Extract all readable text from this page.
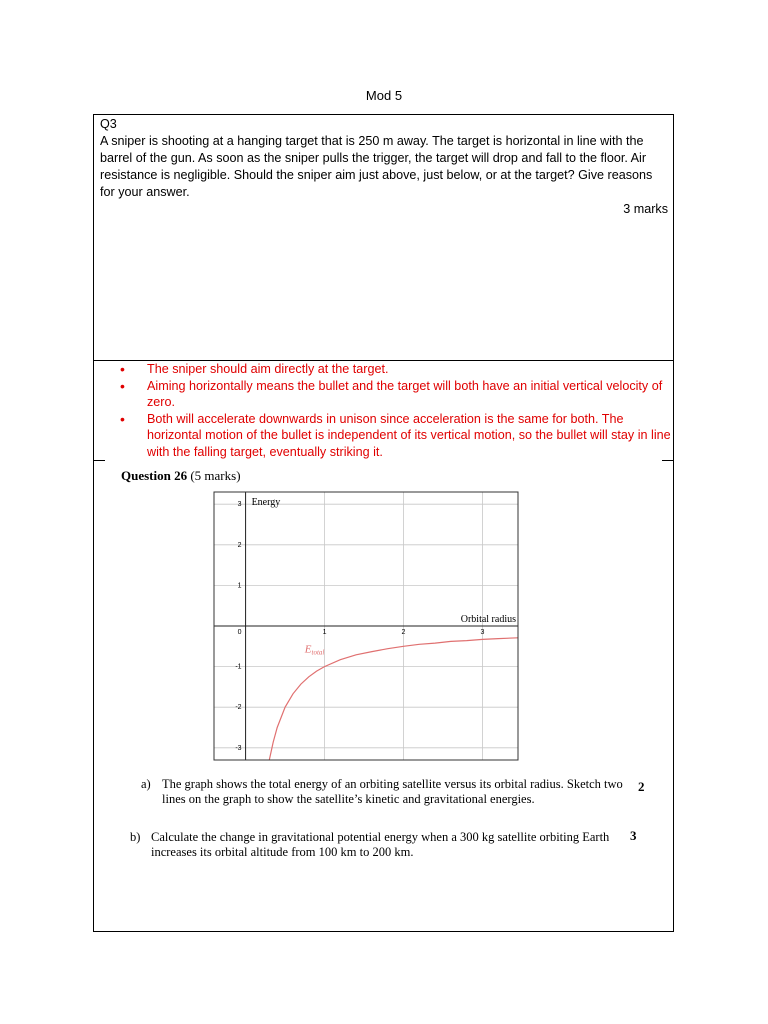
Mod 5
Q3
A sniper is shooting at a hanging target that is 250 m away. The target is horizontal in line with the barrel of the gun. As soon as the sniper pulls the trigger, the target will drop and fall to the floor. Air resistance is negligible. Should the sniper aim just above, just below, or at the target? Give reasons for your answer.
3 marks
• The sniper should aim directly at the target.
• Aiming horizontally means the bullet and the target will both have an initial vertical velocity of zero.
• Both will accelerate downwards in unison since acceleration is the same for both. The horizontal motion of the bullet is independent of its vertical motion, so the bullet will stay in line with the falling target, eventually striking it.
Question 26 (5 marks)
3
2
1
0
-1
-2
-3
1	2	3
Energy
Orbital radius
Etotal
a) The graph shows the total energy of an orbiting satellite versus its orbital radius. Sketch two lines on the graph to show the satellite’s kinetic and gravitational energies.
2
b) Calculate the change in gravitational potential energy when a 300 kg satellite orbiting Earth increases its orbital altitude from 100 km to 200 km.
3
